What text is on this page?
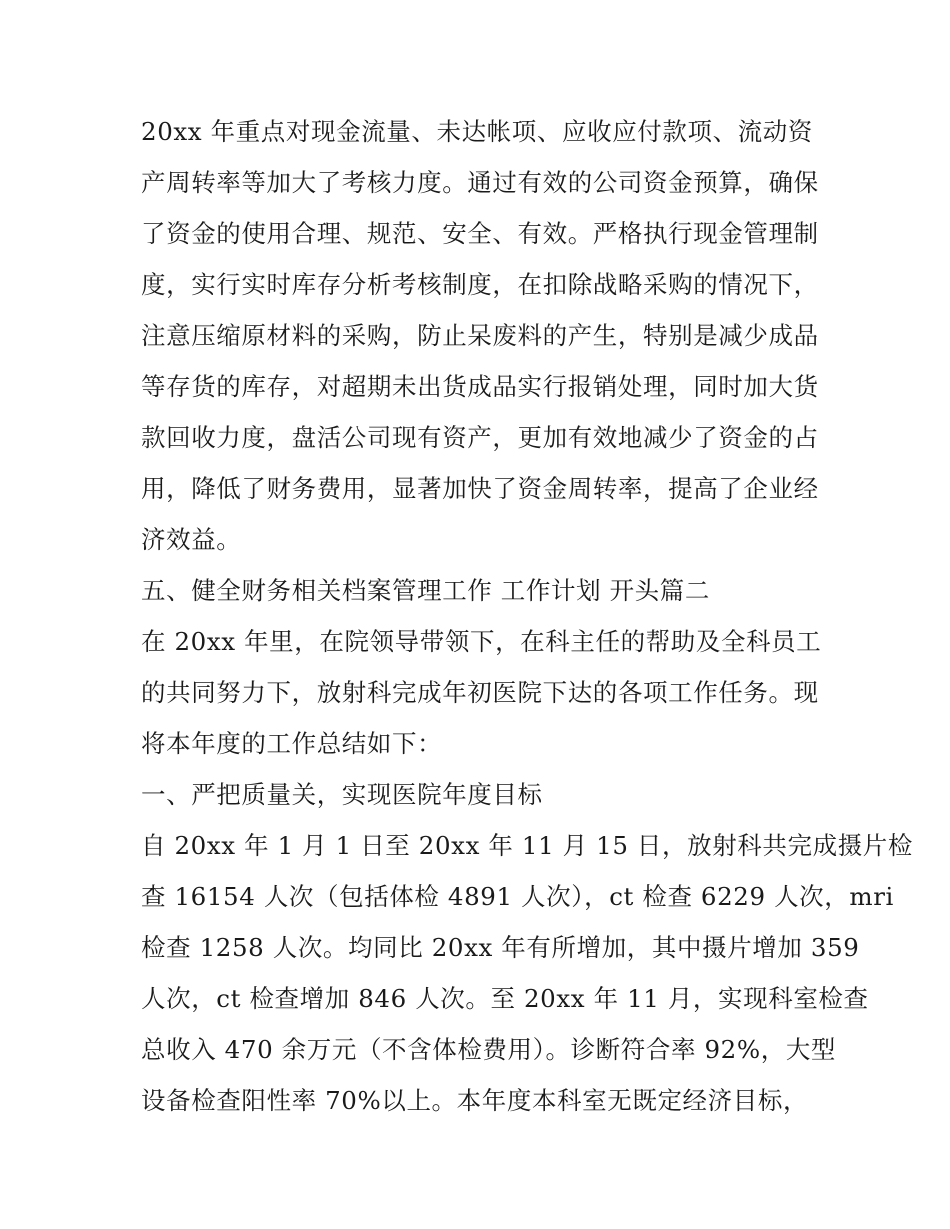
20xx 年重点对现金流量、未达帐项、应收应付款项、流动资
产周转率等加大了考核力度。通过有效的公司资金预算，确保
了资金的使用合理、规范、安全、有效。严格执行现金管理制
度，实行实时库存分析考核制度，在扣除战略采购的情况下，
注意压缩原材料的采购，防止呆废料的产生，特别是减少成品
等存货的库存，对超期未出货成品实行报销处理，同时加大货
款回收力度，盘活公司现有资产，更加有效地减少了资金的占
用，降低了财务费用，显著加快了资金周转率，提高了企业经
济效益。
五、健全财务相关档案管理工作 工作计划 开头篇二
在 20xx 年里，在院领导带领下，在科主任的帮助及全科员工
的共同努力下，放射科完成年初医院下达的各项工作任务。现
将本年度的工作总结如下：
一、严把质量关，实现医院年度目标
自 20xx 年 1 月 1 日至 20xx 年 11 月 15 日，放射科共完成摄片检
查 16154 人次（包括体检 4891 人次），ct 检查 6229 人次，mri
检查 1258 人次。均同比 20xx 年有所增加，其中摄片增加 359
人次，ct 检查增加 846 人次。至 20xx 年 11 月，实现科室检查
总收入 470 余万元（不含体检费用）。诊断符合率 92%，大型
设备检查阳性率 70%以上。本年度本科室无既定经济目标，
